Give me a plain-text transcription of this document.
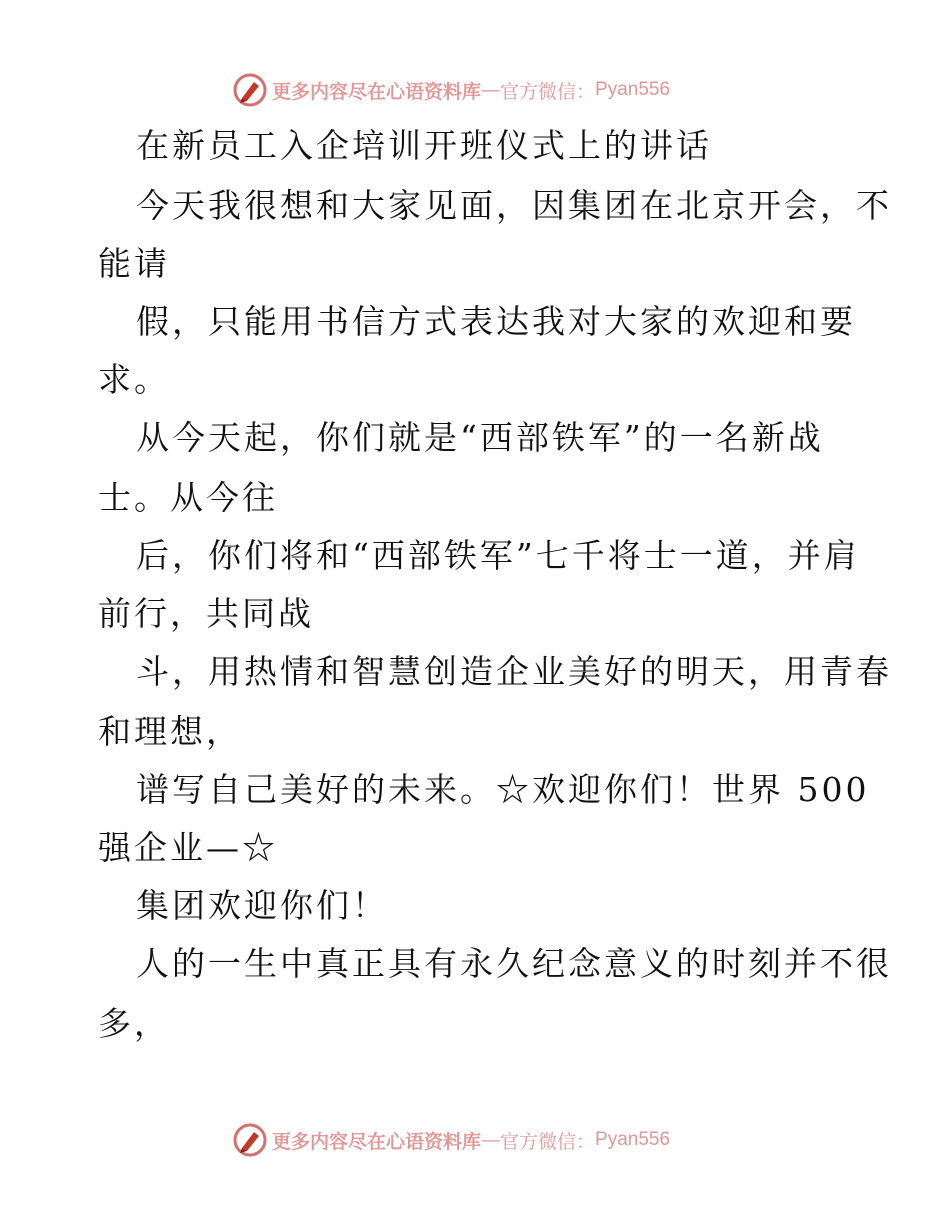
更多内容尽在心语资料库 — 官方微信： Pyan556
在新员工入企培训开班仪式上的讲话
今天我很想和大家见面，因集团在北京开会，不
能请
假，只能用书信方式表达我对大家的欢迎和要
求。
从今天起，你们就是“西部铁军”的一名新战
士。从今往
后，你们将和“西部铁军”七千将士一道，并肩
前行，共同战
斗，用热情和智慧创造企业美好的明天，用青春
和理想，
谱写自己美好的未来。☆欢迎你们！世界 500
强企业—☆
集团欢迎你们！
人的一生中真正具有永久纪念意义的时刻并不很
多，
更多内容尽在心语资料库 — 官方微信： Pyan556
